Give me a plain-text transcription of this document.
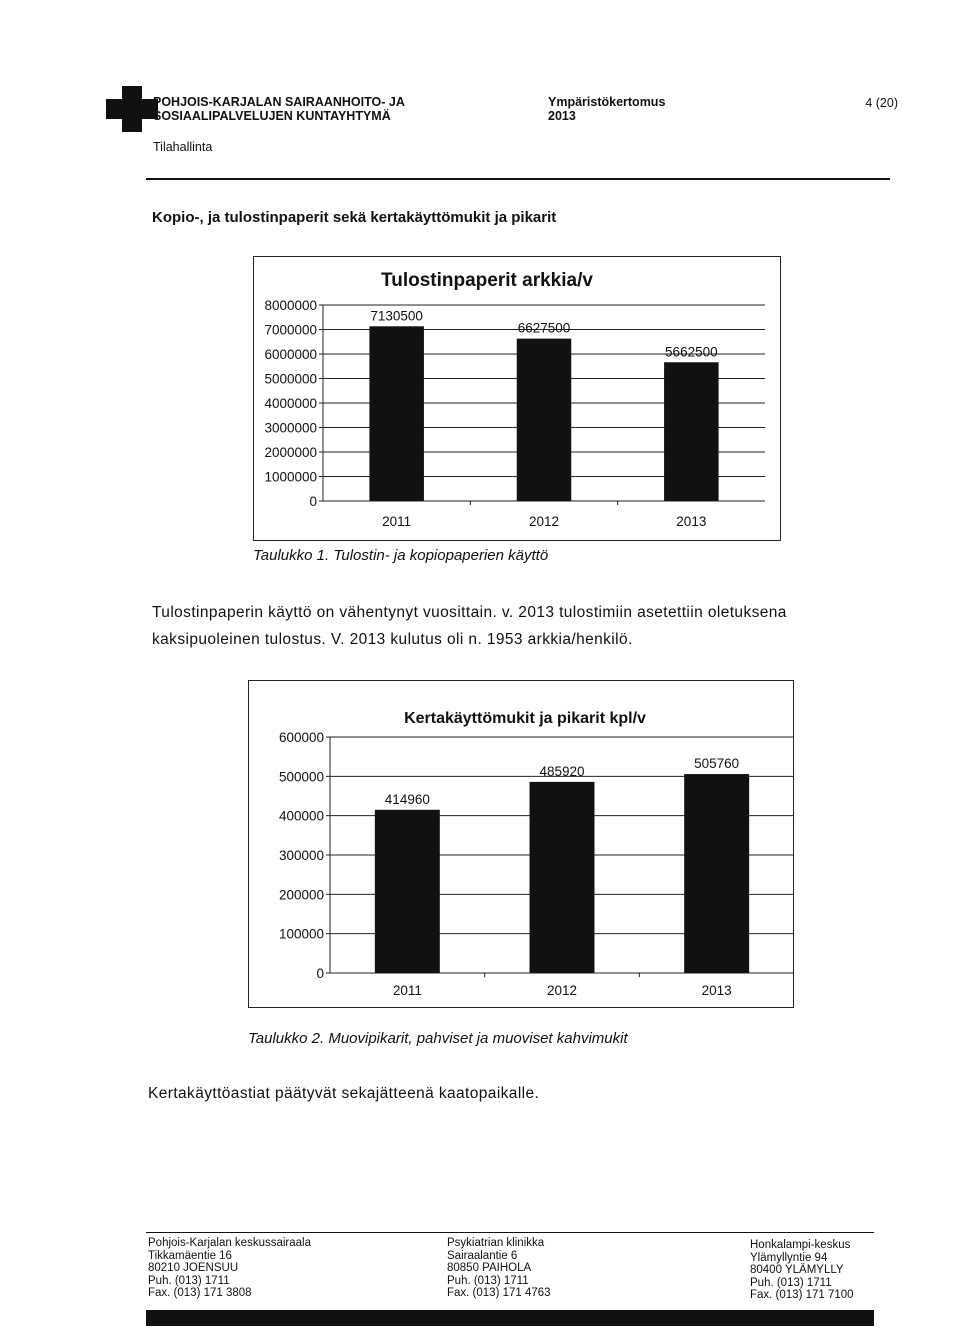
POHJOIS-KARJALAN SAIRAANHOITO- JA
SOSIAALIPALVELUJEN KUNTAYHTYMÄ
Tilahallinta
Ympäristökertomus
2013
4 (20)
Kopio-, ja tulostinpaperit sekä kertakäyttömukit ja pikarit
Tulostinpaperit arkkia/v
0
1000000
2000000
3000000
4000000
5000000
6000000
7000000
8000000
7130500
2011
6627500
2012
5662500
2013
Taulukko 1. Tulostin- ja kopiopaperien käyttö
Tulostinpaperin käyttö on vähentynyt vuosittain. v. 2013 tulostimiin asetettiin oletuksena
kaksipuoleinen tulostus. V. 2013 kulutus oli n. 1953 arkkia/henkilö.
Kertakäyttömukit ja pikarit kpl/v
0
100000
200000
300000
400000
500000
600000
414960
2011
485920
2012
505760
2013
Taulukko 2. Muovipikarit, pahviset ja muoviset kahvimukit
Kertakäyttöastiat päätyvät sekajätteenä kaatopaikalle.
Pohjois-Karjalan keskussairaala
Tikkamäentie 16
80210 JOENSUU
Puh. (013) 1711
Fax. (013) 171 3808
Psykiatrian klinikka
Sairaalantie 6
80850 PAIHOLA
Puh. (013) 1711
Fax. (013) 171 4763
Honkalampi-keskus
Ylämyllyntie 94
80400 YLÄMYLLY
Puh. (013) 1711
Fax. (013) 171 7100
